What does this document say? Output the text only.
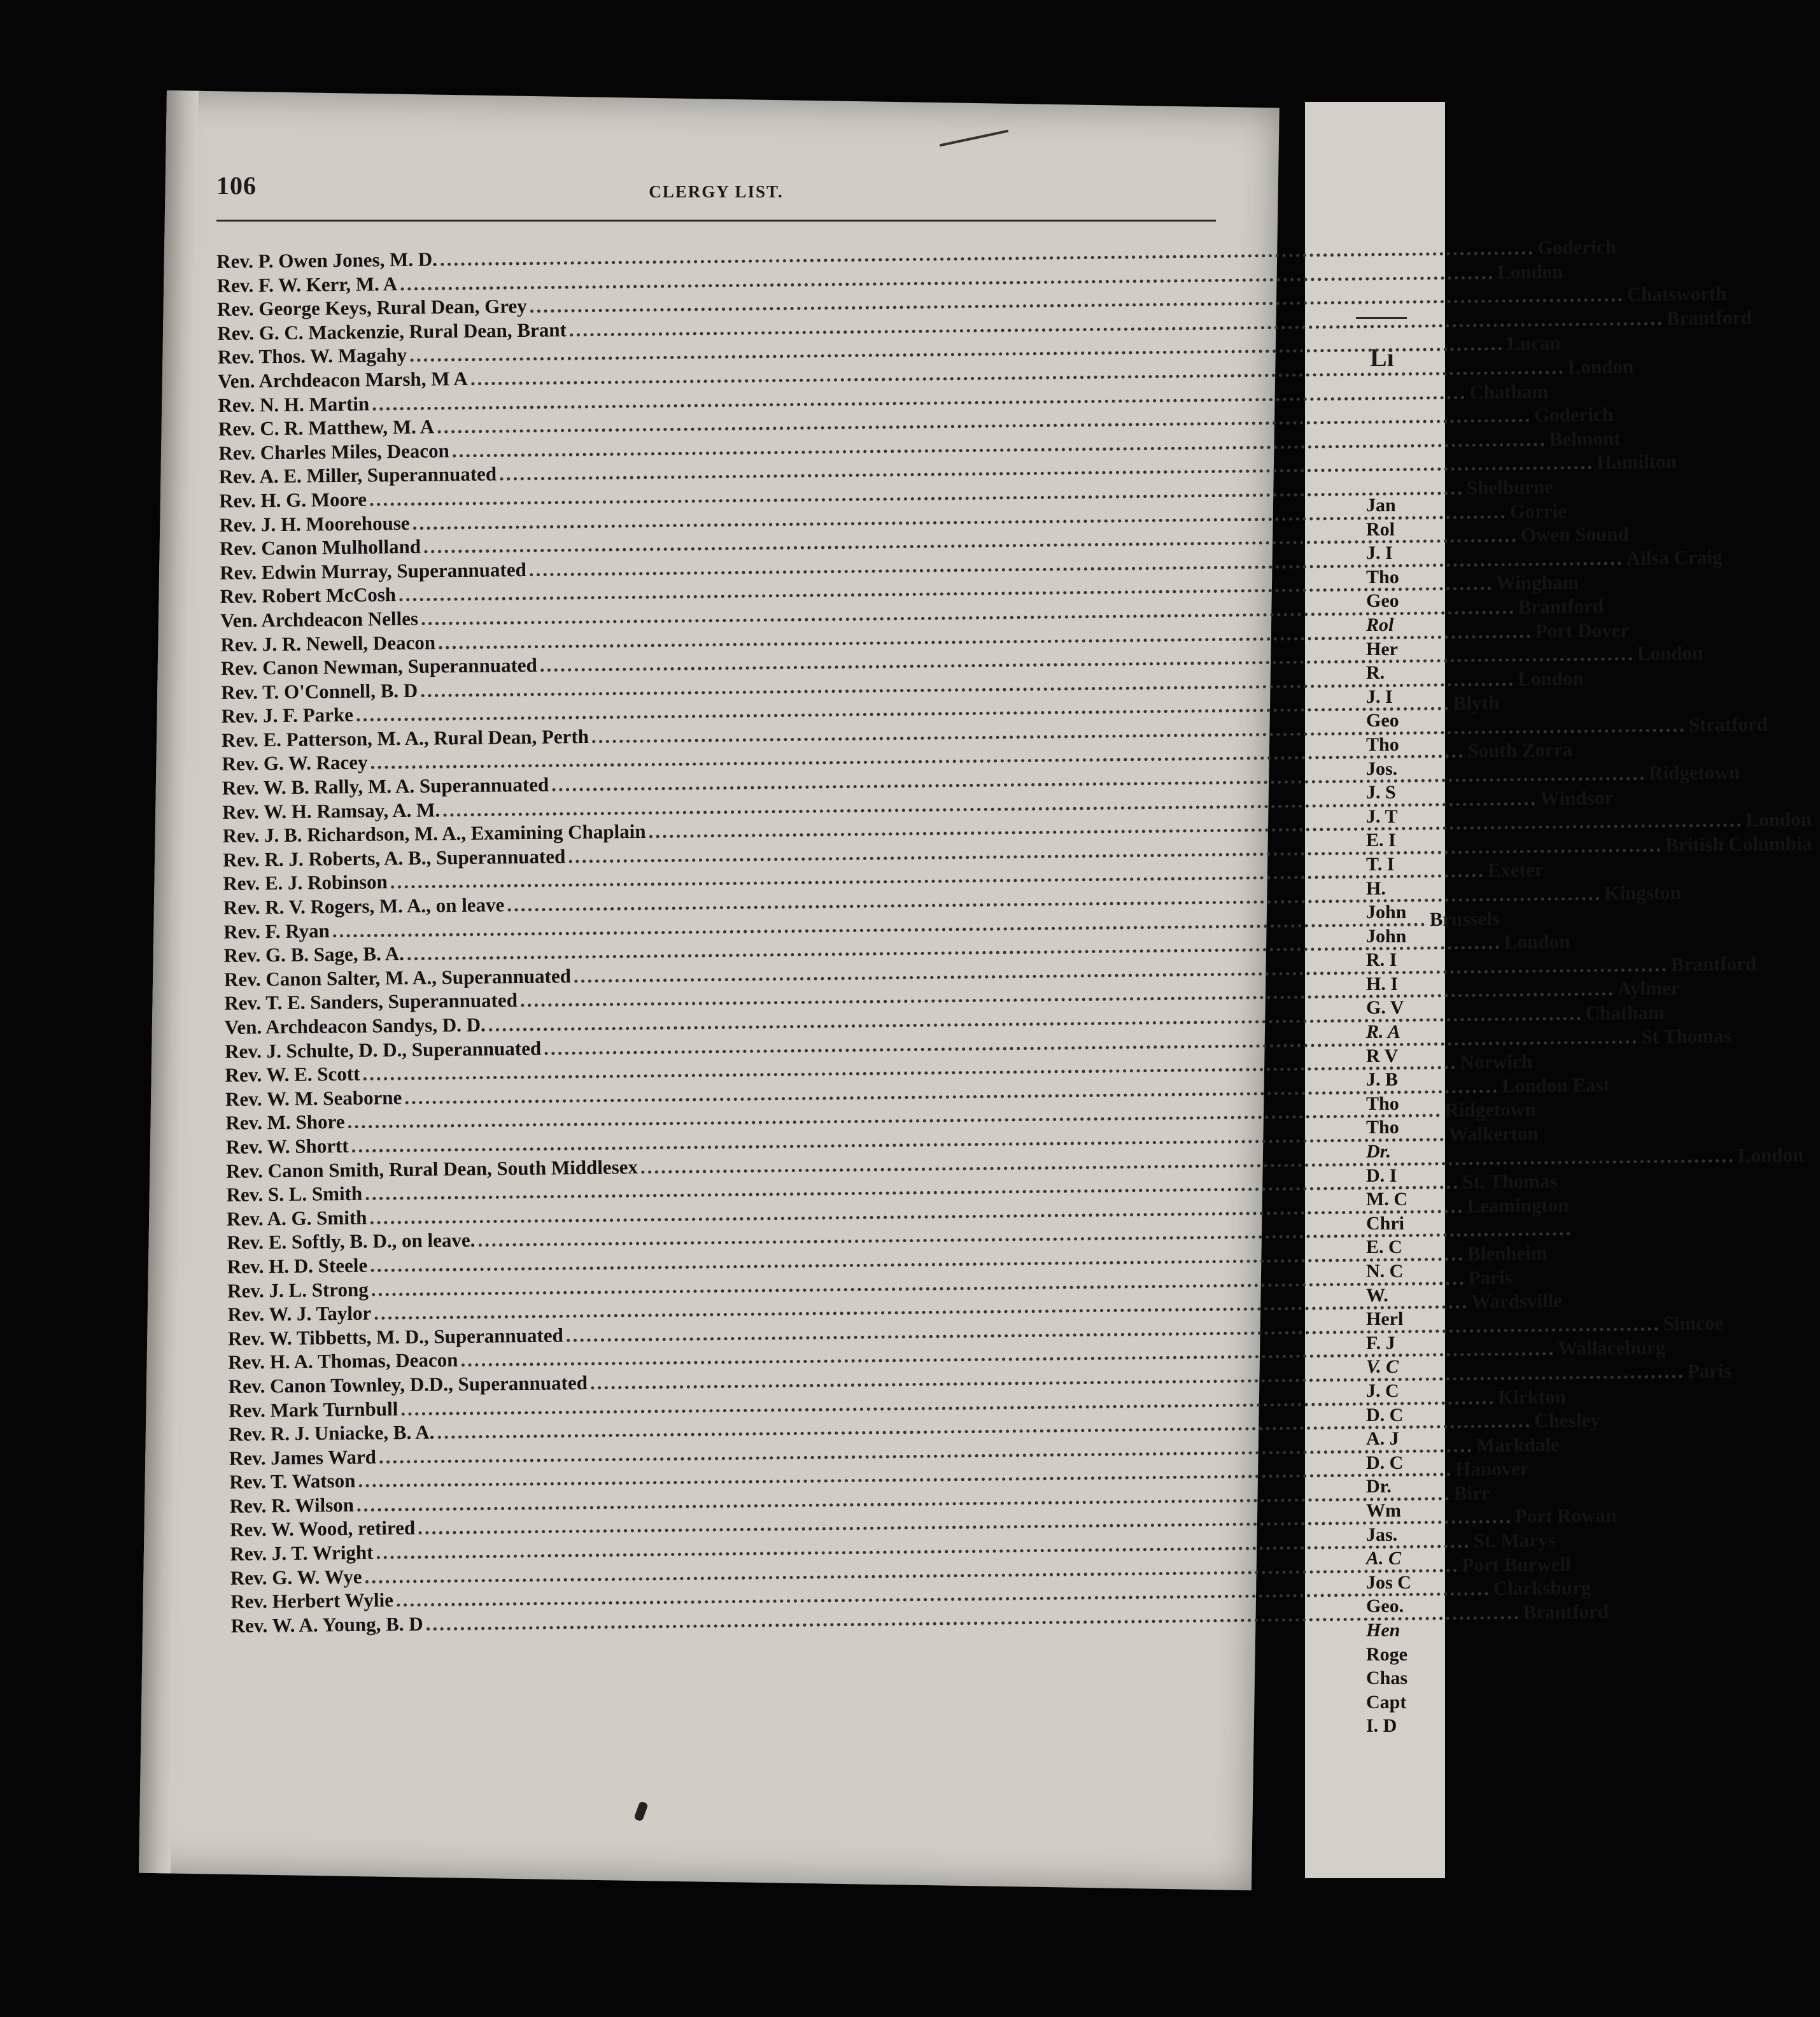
Li
Jan
Rol
J. I
Tho
Geo
Rol
Her
R.
J. I
Geo
Tho
Jos.
J. S
J. T
E. I
T. I
H.
John
John
R. I
H. I
G. V
R. A
R V
J. B
Tho
Tho
Dr.
D. I
M. C
Chri
E. C
N. C
W.
Herl
F. J
V. C
J. C
D. C
A. J
D. C
Dr.
Wm
Jas.
A. C
Jos C
Geo.
Hen
Roge
Chas
Capt
I. D
106	CLERGY LIST.
Rev. P. Owen Jones, M. D.
.....
Goderich
Rev. F. W. Kerr, M. A
.....
London
Rev. George Keys, Rural Dean, Grey
.....
Chatsworth
Rev. G. C. Mackenzie, Rural Dean, Brant
.....
Brantford
Rev. Thos. W. Magahy
.....
Lucan
Ven. Archdeacon Marsh, M A
.....
London
Rev. N. H. Martin
.....
Chatham
Rev. C. R. Matthew, M. A
.....
Goderich
Rev. Charles Miles, Deacon
.....
Belmont
Rev. A. E. Miller, Superannuated
.....
Hamilton
Rev. H. G. Moore
.....
Shelburne
Rev. J. H. Moorehouse
.....
Gorrie
Rev. Canon Mulholland
.....
Owen Sound
Rev. Edwin Murray, Superannuated
.....
Ailsa Craig
Rev. Robert McCosh
.....
Wingham
Ven. Archdeacon Nelles
.....
Brantford
Rev. J. R. Newell, Deacon
.....
Port Dover
Rev. Canon Newman, Superannuated
.....
London
Rev. T. O'Connell, B. D
.....
London
Rev. J. F. Parke
.....
Blyth
Rev. E. Patterson, M. A., Rural Dean, Perth
.....
Stratford
Rev. G. W. Racey
.....
South Zorra
Rev. W. B. Rally, M. A. Superannuated
.....
Ridgetown
Rev. W. H. Ramsay, A. M.
.....
Windsor
Rev. J. B. Richardson, M. A., Examining Chaplain
.....
London
Rev. R. J. Roberts, A. B., Superannuated
.....
British Columbia
Rev. E. J. Robinson
.....
Exeter
Rev. R. V. Rogers, M. A., on leave
.....
Kingston
Rev. F. Ryan
.....
Brussels
Rev. G. B. Sage, B. A.
.....
London
Rev. Canon Salter, M. A., Superannuated
.....
Brantford
Rev. T. E. Sanders, Superannuated
.....
Aylmer
Ven. Archdeacon Sandys, D. D.
.....
Chatham
Rev. J. Schulte, D. D., Superannuated
.....
St Thomas
Rev. W. E. Scott
.....
Norwich
Rev. W. M. Seaborne
.....
London East
Rev. M. Shore
.....
Ridgetown
Rev. W. Shortt
.....
Walkerton
Rev. Canon Smith, Rural Dean, South Middlesex
.....
London
Rev. S. L. Smith
.....
St. Thomas
Rev. A. G. Smith
.....
Leamington
Rev. E. Softly, B. D., on leave.
.....
Rev. H. D. Steele
.....
Blenheim
Rev. J. L. Strong
.....
Paris
Rev. W. J. Taylor
.....
Wardsville
Rev. W. Tibbetts, M. D., Superannuated
.....
Simcoe
Rev. H. A. Thomas, Deacon
.....
Wallaceburg
Rev. Canon Townley, D.D., Superannuated
.....
Paris
Rev. Mark Turnbull
.....
Kirkton
Rev. R. J. Uniacke, B. A.
.....
Chesley
Rev. James Ward
.....
Markdale
Rev. T. Watson
.....
Hanover
Rev. R. Wilson
.....
Birr
Rev. W. Wood, retired
.....
Port Rowan
Rev. J. T. Wright
.....
St. Marys
Rev. G. W. Wye
.....
Port Burwell
Rev. Herbert Wylie
.....
Clarksburg
Rev. W. A. Young, B. D
.....
Brantford
